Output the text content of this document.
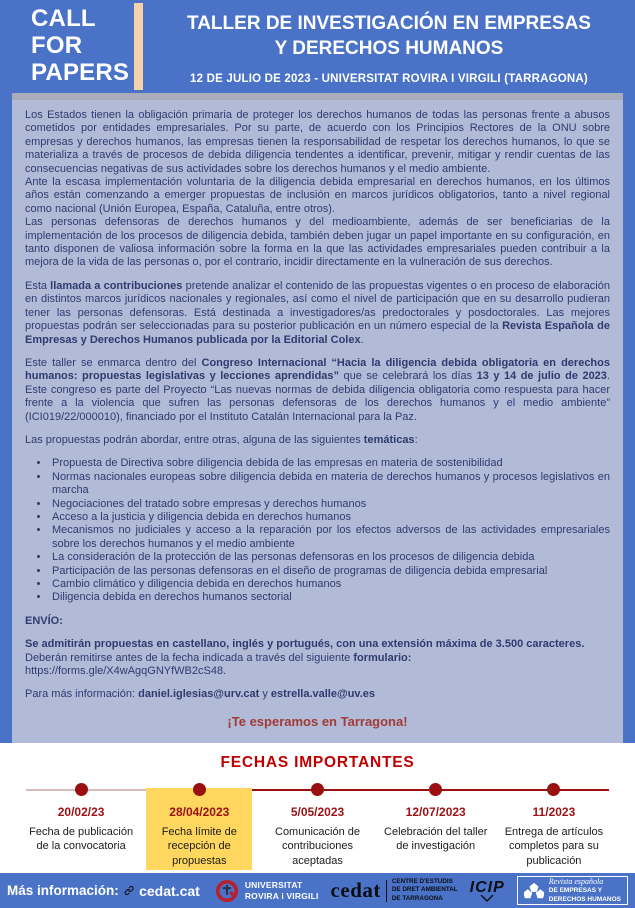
CALL FOR
PAPERS
TALLER DE INVESTIGACIÓN EN EMPRESAS Y DERECHOS HUMANOS
12 DE JULIO DE 2023 - UNIVERSITAT ROVIRA I VIRGILI (TARRAGONA)

Los Estados tienen la obligación primaria de proteger los derechos humanos de todas las personas frente a abusos cometidos por entidades empresariales. Por su parte, de acuerdo con los Principios Rectores de la ONU sobre empresas y derechos humanos, las empresas tienen la responsabilidad de respetar los derechos humanos, lo que se materializa a través de procesos de debida diligencia tendentes a identificar, prevenir, mitigar y rendir cuentas de las consecuencias negativas de sus actividades sobre los derechos humanos y el medio ambiente.

Ante la escasa implementación voluntaria de la diligencia debida empresarial en derechos humanos, en los últimos años están comenzando a emerger propuestas de inclusión en marcos jurídicos obligatorios, tanto a nivel regional como nacional (Unión Europea, España, Cataluña, entre otros).

Las personas defensoras de derechos humanos y del medioambiente, además de ser beneficiarias de la implementación de los procesos de diligencia debida, también deben jugar un papel importante en su configuración, en tanto disponen de valiosa información sobre la forma en la que las actividades empresariales pueden contribuir a la mejora de la vida de las personas o, por el contrario, incidir directamente en la vulneración de sus derechos.

Esta llamada a contribuciones pretende analizar el contenido de las propuestas vigentes o en proceso de elaboración en distintos marcos jurídicos nacionales y regionales, así como el nivel de participación que en su desarrollo pudieran tener las personas defensoras. Está destinada a investigadores/as predoctorales y posdoctorales. Las mejores propuestas podrán ser seleccionadas para su posterior publicación en un número especial de la Revista Española de Empresas y Derechos Humanos publicada por la Editorial Colex.

Este taller se enmarca dentro del Congreso Internacional “Hacia la diligencia debida obligatoria en derechos humanos: propuestas legislativas y lecciones aprendidas” que se celebrará los días 13 y 14 de julio de 2023. Este congreso es parte del Proyecto “Las nuevas normas de debida diligencia obligatoria como respuesta para hacer frente a la violencia que sufren las personas defensoras de los derechos humanos y el medio ambiente” (ICI019/22/000010), financiado por el Instituto Catalán Internacional para la Paz.

Las propuestas podrán abordar, entre otras, alguna de las siguientes temáticas:

• Propuesta de Directiva sobre diligencia debida de las empresas en materia de sostenibilidad
• Normas nacionales europeas sobre diligencia debida en materia de derechos humanos y procesos legislativos en marcha
• Negociaciones del tratado sobre empresas y derechos humanos
• Acceso a la justicia y diligencia debida en derechos humanos
• Mecanismos no judiciales y acceso a la reparación por los efectos adversos de las actividades empresariales sobre los derechos humanos y el medio ambiente
• La consideración de la protección de las personas defensoras en los procesos de diligencia debida
• Participación de las personas defensoras en el diseño de programas de diligencia debida empresarial
• Cambio climático y diligencia debida en derechos humanos
• Diligencia debida en derechos humanos sectorial

ENVÍO:

Se admitirán propuestas en castellano, inglés y portugués, con una extensión máxima de 3.500 caracteres.

Deberán remitirse antes de la fecha indicada a través del siguiente formulario:

https://forms.gle/X4wAgqGNYfWB2cS48.

Para más información: daniel.iglesias@urv.cat y estrella.valle@uv.es

¡Te esperamos en Tarragona!

FECHAS IMPORTANTES
20/02/23
Fecha de publicación de la convocatoria
28/04/2023
Fecha límite de recepción de propuestas
5/05/2023
Comunicación de contribuciones aceptadas
12/07/2023
Celebración del taller de investigación
11/2023
Entrega de artículos completos para su publicación
Más información: cedat.cat	UNIVERSITAT
ROVIRA i VIRGILI cedat CENTRE D'ESTUDIS
DE DRET AMBIENTAL
DE TARRAGONA
ICIP	Revista española
DE EMPRESAS Y
DERECHOS HUMANOS
